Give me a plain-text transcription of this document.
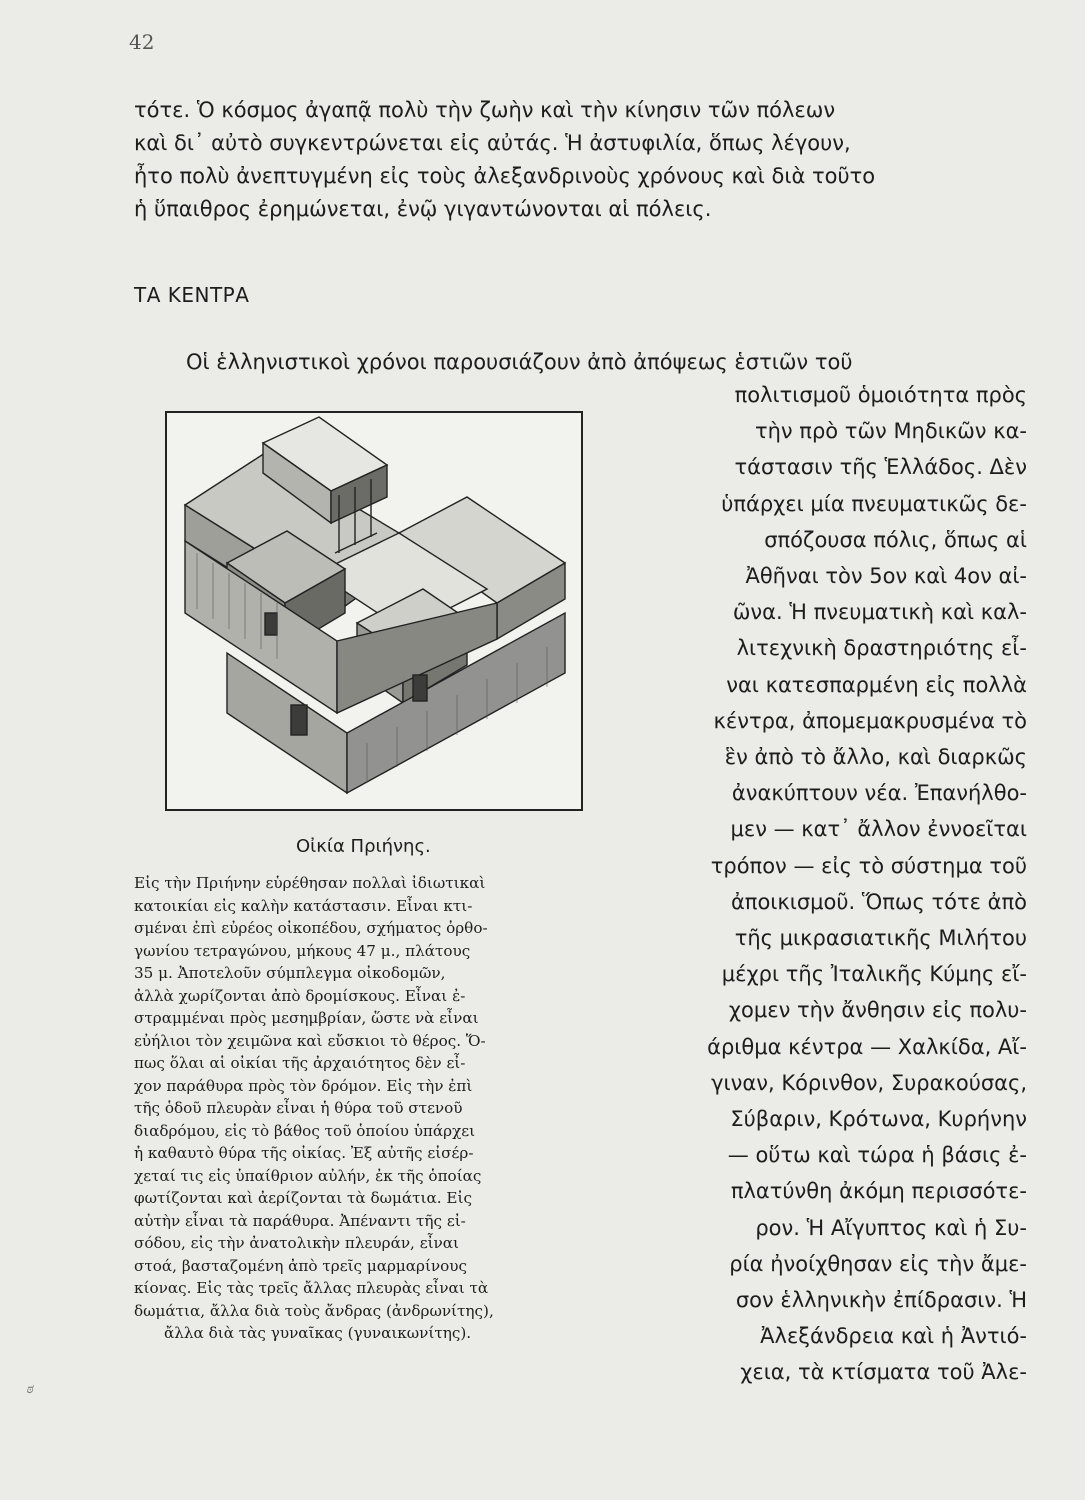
42
τότε. Ὁ κόσμος ἀγαπᾷ πολὺ τὴν ζωὴν καὶ τὴν κίνησιν τῶν πόλεων
καὶ δι᾽ αὐτὸ συγκεντρώνεται εἰς αὐτάς. Ἡ ἀστυφιλία, ὅπως λέγουν,
ἦτο πολὺ ἀνεπτυγμένη εἰς τοὺς ἀλεξανδρινοὺς χρόνους καὶ διὰ τοῦτο
ἡ ὕπαιθρος ἐρημώνεται, ἐνῷ γιγαντώνονται αἱ πόλεις.
ΤΑ ΚΕΝΤΡΑ
Οἱ ἑλληνιστικοὶ χρόνοι παρουσιάζουν ἀπὸ ἀπόψεως ἑστιῶν τοῦ
πολιτισμοῦ ὁμοιότητα πρὸς
τὴν πρὸ τῶν Μηδικῶν κα-
τάστασιν τῆς Ἑλλάδος. Δὲν
ὑπάρχει μία πνευματικῶς δε-
σπόζουσα πόλις, ὅπως αἱ
Ἀθῆναι τὸν 5ον καὶ 4ον αἰ-
ῶνα. Ἡ πνευματικὴ καὶ καλ-
λιτεχνικὴ δραστηριότης εἶ-
ναι κατεσπαρμένη εἰς πολλὰ
κέντρα, ἀπομεμακρυσμένα τὸ
ἓν ἀπὸ τὸ ἄλλο, καὶ διαρκῶς
ἀνακύπτουν νέα. Ἐπανήλθο-
μεν — κατ᾽ ἄλλον ἐννοεῖται
τρόπον — εἰς τὸ σύστημα τοῦ
ἀποικισμοῦ. Ὅπως τότε ἀπὸ
τῆς μικρασιατικῆς Μιλήτου
μέχρι τῆς Ἰταλικῆς Κύμης εἴ-
χομεν τὴν ἄνθησιν εἰς πολυ-
άριθμα κέντρα — Χαλκίδα, Αἴ-
γιναν, Κόρινθον, Συρακούσας,
Σύβαριν, Κρότωνα, Κυρήνην
— οὕτω καὶ τώρα ἡ βάσις ἐ-
πλατύνθη ἀκόμη περισσότε-
ρον. Ἡ Αἴγυπτος καὶ ἡ Συ-
ρία ἠνοίχθησαν εἰς τὴν ἄμε-
σον ἑλληνικὴν ἐπίδρασιν. Ἡ
Ἀλεξάνδρεια καὶ ἡ Ἀντιό-
χεια, τὰ κτίσματα τοῦ Ἀλε-
Οἰκία Πριήνης.
Εἰς τὴν Πριήνην εὑρέθησαν πολλαὶ ἰδιωτικαὶ
κατοικίαι εἰς καλὴν κατάστασιν. Εἶναι κτι-
σμέναι ἐπὶ εὐρέος οἰκοπέδου, σχήματος ὀρθο-
γωνίου τετραγώνου, μήκους 47 μ., πλάτους
35 μ. Ἀποτελοῦν σύμπλεγμα οἰκοδομῶν,
ἀλλὰ χωρίζονται ἀπὸ δρομίσκους. Εἶναι ἐ-
στραμμέναι πρὸς μεσημβρίαν, ὥστε νὰ εἶναι
εὐήλιοι τὸν χειμῶνα καὶ εὔσκιοι τὸ θέρος. Ὅ-
πως ὅλαι αἱ οἰκίαι τῆς ἀρχαιότητος δὲν εἶ-
χον παράθυρα πρὸς τὸν δρόμον. Εἰς τὴν ἐπὶ
τῆς ὁδοῦ πλευρὰν εἶναι ἡ θύρα τοῦ στενοῦ
διαδρόμου, εἰς τὸ βάθος τοῦ ὁποίου ὑπάρχει
ἡ καθαυτὸ θύρα τῆς οἰκίας. Ἐξ αὐτῆς εἰσέρ-
χεταί τις εἰς ὑπαίθριον αὐλήν, ἐκ τῆς ὁποίας
φωτίζονται καὶ ἀερίζονται τὰ δωμάτια. Εἰς
αὐτὴν εἶναι τὰ παράθυρα. Ἀπέναντι τῆς εἰ-
σόδου, εἰς τὴν ἀνατολικὴν πλευράν, εἶναι
στοά, βασταζομένη ἀπὸ τρεῖς μαρμαρίνους
κίονας. Εἰς τὰς τρεῖς ἄλλας πλευρὰς εἶναι τὰ
δωμάτια, ἄλλα διὰ τοὺς ἄνδρας (ἀνδρωνίτης),
ἄλλα διὰ τὰς γυναῖκας (γυναικωνίτης).
ಠ
